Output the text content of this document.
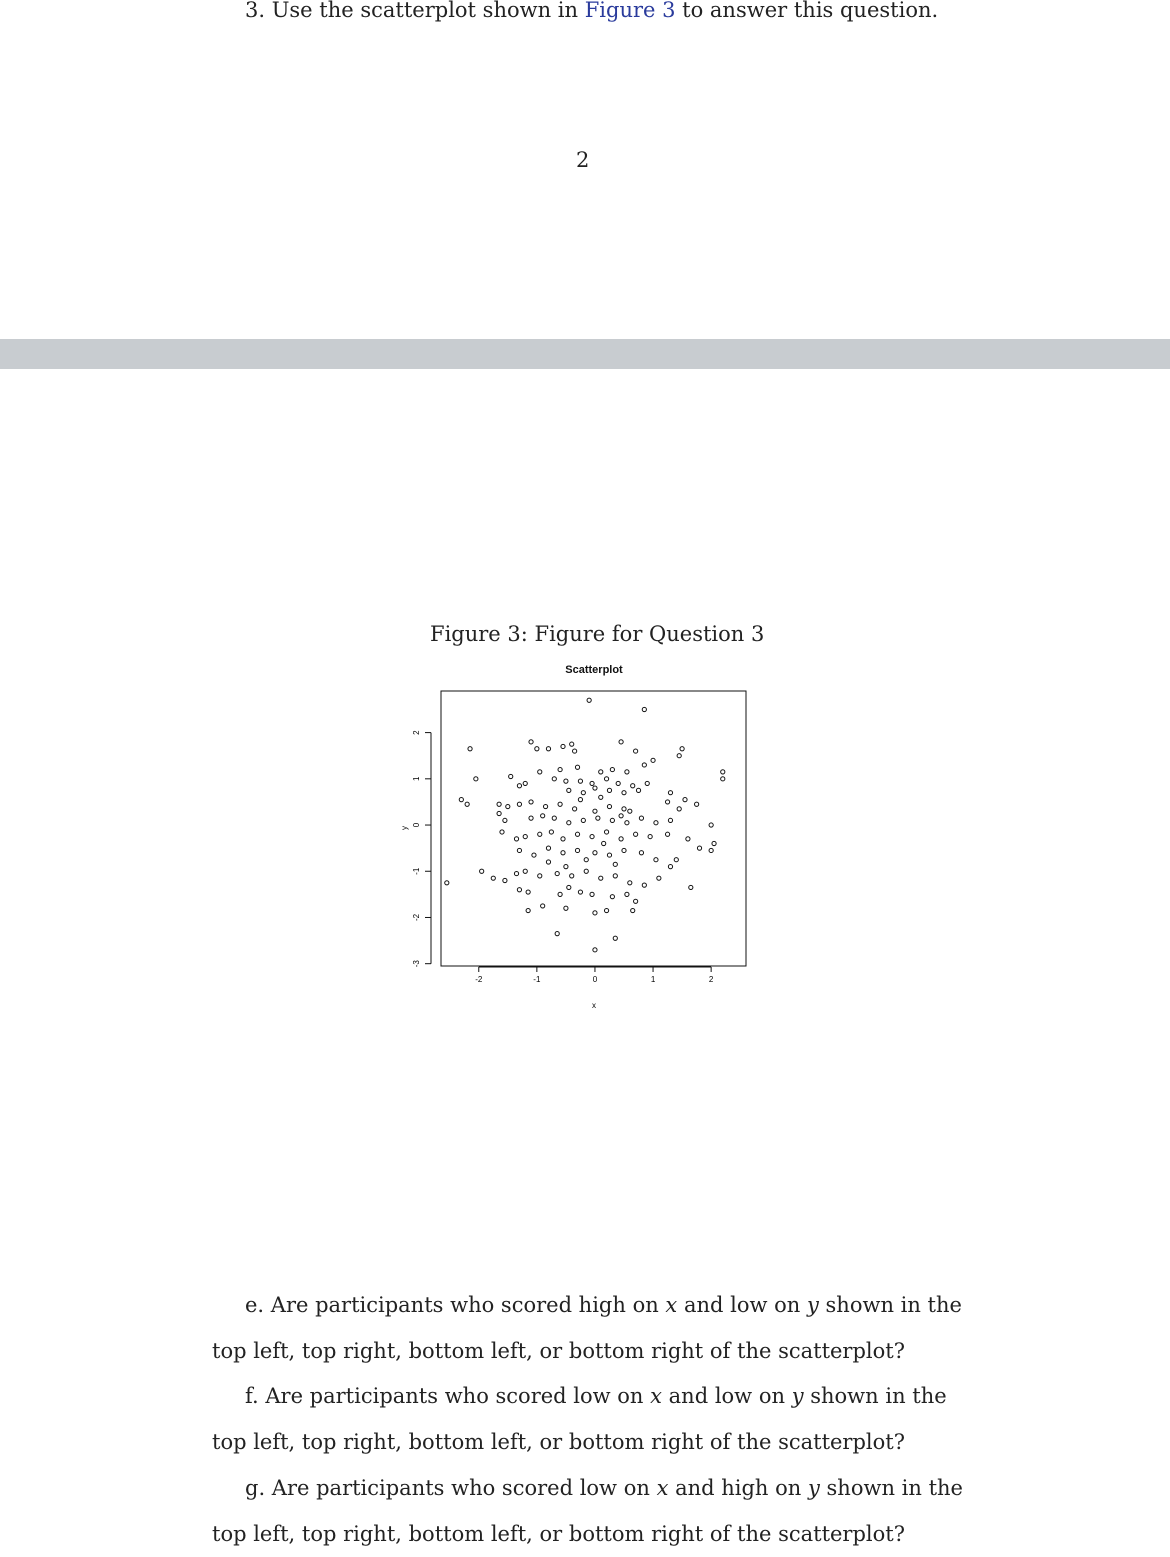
3. Use the scatterplot shown in Figure 3 to answer this question.
2
Figure 3: Figure for Question 3
Scatterplot
-3
-2
-1
0
1
2
-2	-1	0	1	2
x
y
e. Are participants who scored high on x and low on y shown in the top left, top right, bottom left, or bottom right of the scatterplot?
f. Are participants who scored low on x and low on y shown in the top left, top right, bottom left, or bottom right of the scatterplot?
g. Are participants who scored low on x and high on y shown in the top left, top right, bottom left, or bottom right of the scatterplot?
